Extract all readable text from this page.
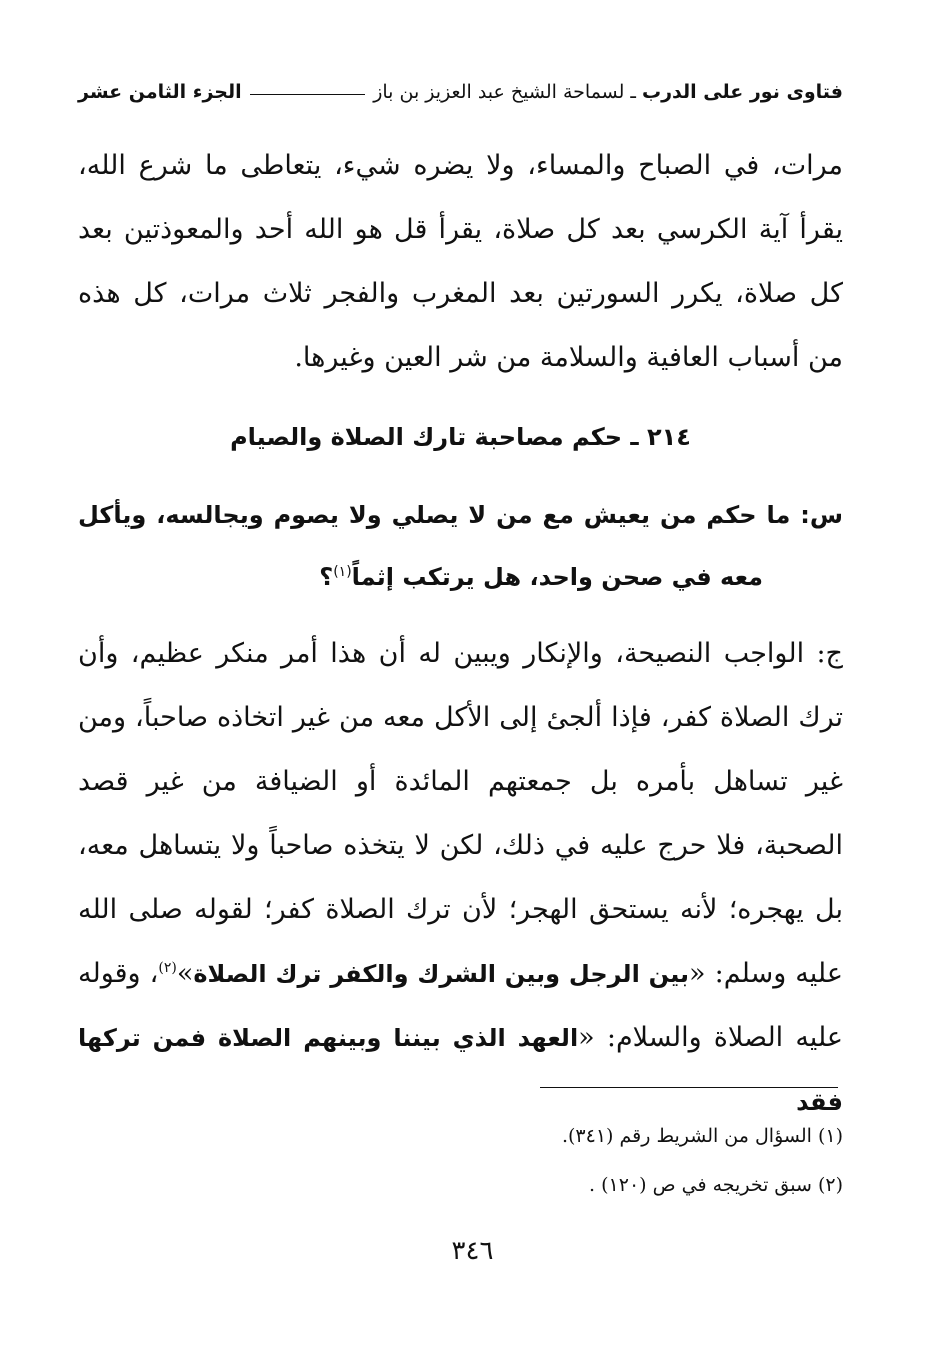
فتاوى نور على الدرب
ـ
لسماحة الشيخ عبد العزيز بن باز
الجزء الثامن عشر
مرات، في الصباح والمساء، ولا يضره شيء، يتعاطى ما شرع الله، يقرأ آية الكرسي بعد كل صلاة، يقرأ قل هو الله أحد والمعوذتين بعد كل صلاة، يكرر السورتين بعد المغرب والفجر ثلاث مرات، كل هذه من أسباب العافية والسلامة من شر العين وغيرها.
٢١٤ ـ حكم مصاحبة تارك الصلاة والصيام
س: ما حكم من يعيش مع من لا يصلي ولا يصوم ويجالسه، ويأكل
معه في صحن واحد، هل يرتكب إثماً$^{(١)}$؟
ج: الواجب النصيحة، والإنكار ويبين له أن هذا أمر منكر عظيم، وأن ترك الصلاة كفر، فإذا ألجئ إلى الأكل معه من غير اتخاذه صاحباً، ومن غير تساهل بأمره بل جمعتهم المائدة أو الضيافة من غير قصد الصحبة، فلا حرج عليه في ذلك، لكن لا يتخذه صاحباً ولا يتساهل معه، بل يهجره؛ لأنه يستحق الهجر؛ لأن ترك الصلاة كفر؛ لقوله صلى الله عليه وسلم: «بين الرجل وبين الشرك والكفر ترك الصلاة»$^{(٢)}$، وقوله عليه الصلاة والسلام: «العهد الذي بيننا وبينهم الصلاة فمن تركها فقد
(١) السؤال من الشريط رقم (٣٤١).
(٢) سبق تخريجه في ص (١٢٠) .
٣٤٦
